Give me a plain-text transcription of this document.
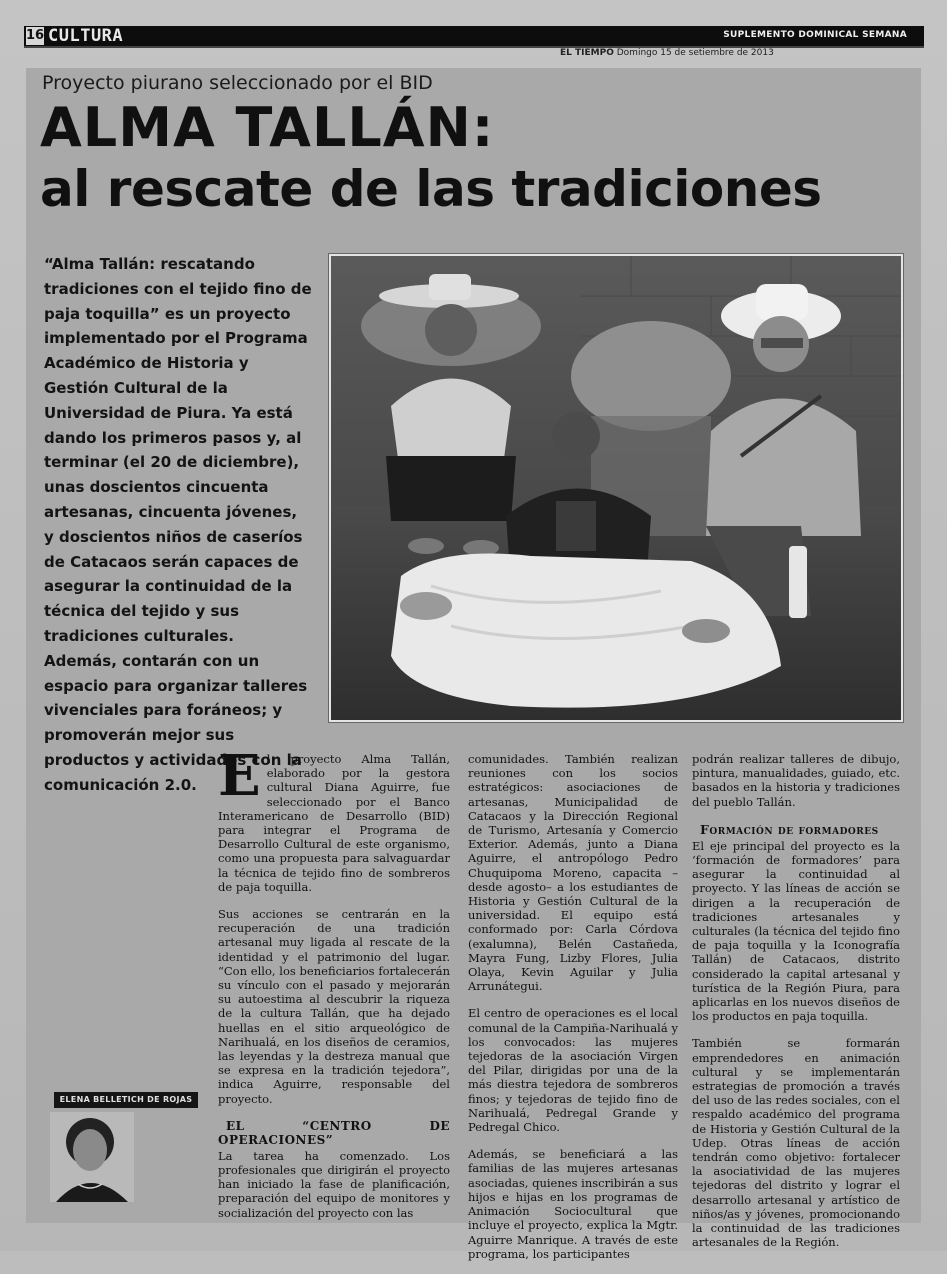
16 CULTURA	SUPLEMENTO DOMINICAL SEMANA
EL TIEMPO Domingo 15 de setiembre de 2013
Proyecto piurano seleccionado por el BID
ALMA TALLÁN:
al rescate de las tradiciones
“Alma Tallán: rescatando tradiciones con el tejido fino de paja toquilla” es un proyecto implementado por el Programa Académico de Historia y Gestión Cultural de la Universidad de Piura. Ya está dando los primeros pasos y, al terminar (el 20 de diciembre), unas doscientos cincuenta artesanas, cincuenta jóvenes, y doscientos niños de caseríos de Catacaos serán capaces de asegurar la continuidad de la técnica del tejido y sus tradiciones culturales. Además, contarán con un espacio para organizar talleres vivenciales para foráneos; y promoverán mejor sus productos y actividades con la comunicación 2.0. E l proyecto Alma Tallán, elaborado por la gestora cultural Diana Aguirre, fue seleccionado por el Banco Interamericano de Desarrollo (BID) para integrar el Programa de Desarrollo Cultural de este organismo, como una propuesta para salvaguardar la técnica de tejido fino de sombreros de paja toquilla.

Sus acciones se centrarán en la recuperación de una tradición artesanal muy ligada al rescate de la identidad y el patrimonio del lugar. “Con ello, los beneficiarios fortalecerán su vínculo con el pasado y mejorarán su autoestima al descubrir la riqueza de la cultura Tallán, que ha dejado huellas en el sitio arqueológico de Narihualá, en los diseños de ceramios, las leyendas y la destreza manual que se expresa en la tradición tejedora”, indica Aguirre, responsable del proyecto.

EL “CENTRO DE OPERACIONES”

La tarea ha comenzado. Los profesionales que dirigirán el proyecto han iniciado la fase de planificación, preparación del equipo de monitores y socialización del proyecto con las

comunidades. También realizan reuniones con los socios estratégicos: asociaciones de artesanas, Municipalidad de Catacaos y la Dirección Regional de Turismo, Artesanía y Comercio Exterior. Además, junto a Diana Aguirre, el antropólogo Pedro Chuquipoma Moreno, capacita –desde agosto– a los estudiantes de Historia y Gestión Cultural de la universidad. El equipo está conformado por: Carla Córdova (exalumna), Belén Castañeda, Mayra Fung, Lizby Flores, Julia Olaya, Kevin Aguilar y Julia Arrunátegui.

El centro de operaciones es el local comunal de la Campiña-Narihualá y los convocados: las mujeres tejedoras de la asociación Virgen del Pilar, dirigidas por una de la más diestra tejedora de sombreros finos; y tejedoras de tejido fino de Narihualá, Pedregal Grande y Pedregal Chico.

Además, se beneficiará a las familias de las mujeres artesanas asociadas, quienes inscribirán a sus hijos e hijas en los programas de Animación Sociocultural que incluye el proyecto, explica la Mgtr. Aguirre Manrique. A través de este programa, los participantes

podrán realizar talleres de dibujo, pintura, manualidades, guiado, etc. basados en la historia y tradiciones del pueblo Tallán.

Formación de formadores

El eje principal del proyecto es la ‘formación de formadores’ para asegurar la continuidad al proyecto. Y las líneas de acción se dirigen a la recuperación de tradiciones artesanales y culturales (la técnica del tejido fino de paja toquilla y la Iconografía Tallán) de Catacaos, distrito considerado la capital artesanal y turística de la Región Piura, para aplicarlas en los nuevos diseños de los productos en paja toquilla.

También se formarán emprendedores en animación cultural y se implementarán estrategias de promoción a través del uso de las redes sociales, con el respaldo académico del programa de Historia y Gestión Cultural de la Udep. Otras líneas de acción tendrán como objetivo: fortalecer la asociatividad de las mujeres tejedoras del distrito y lograr el desarrollo artesanal y artístico de niños/as y jóvenes, promocionando la continuidad de las tradiciones artesanales de la Región.

ELENA BELLETICH DE ROJAS
